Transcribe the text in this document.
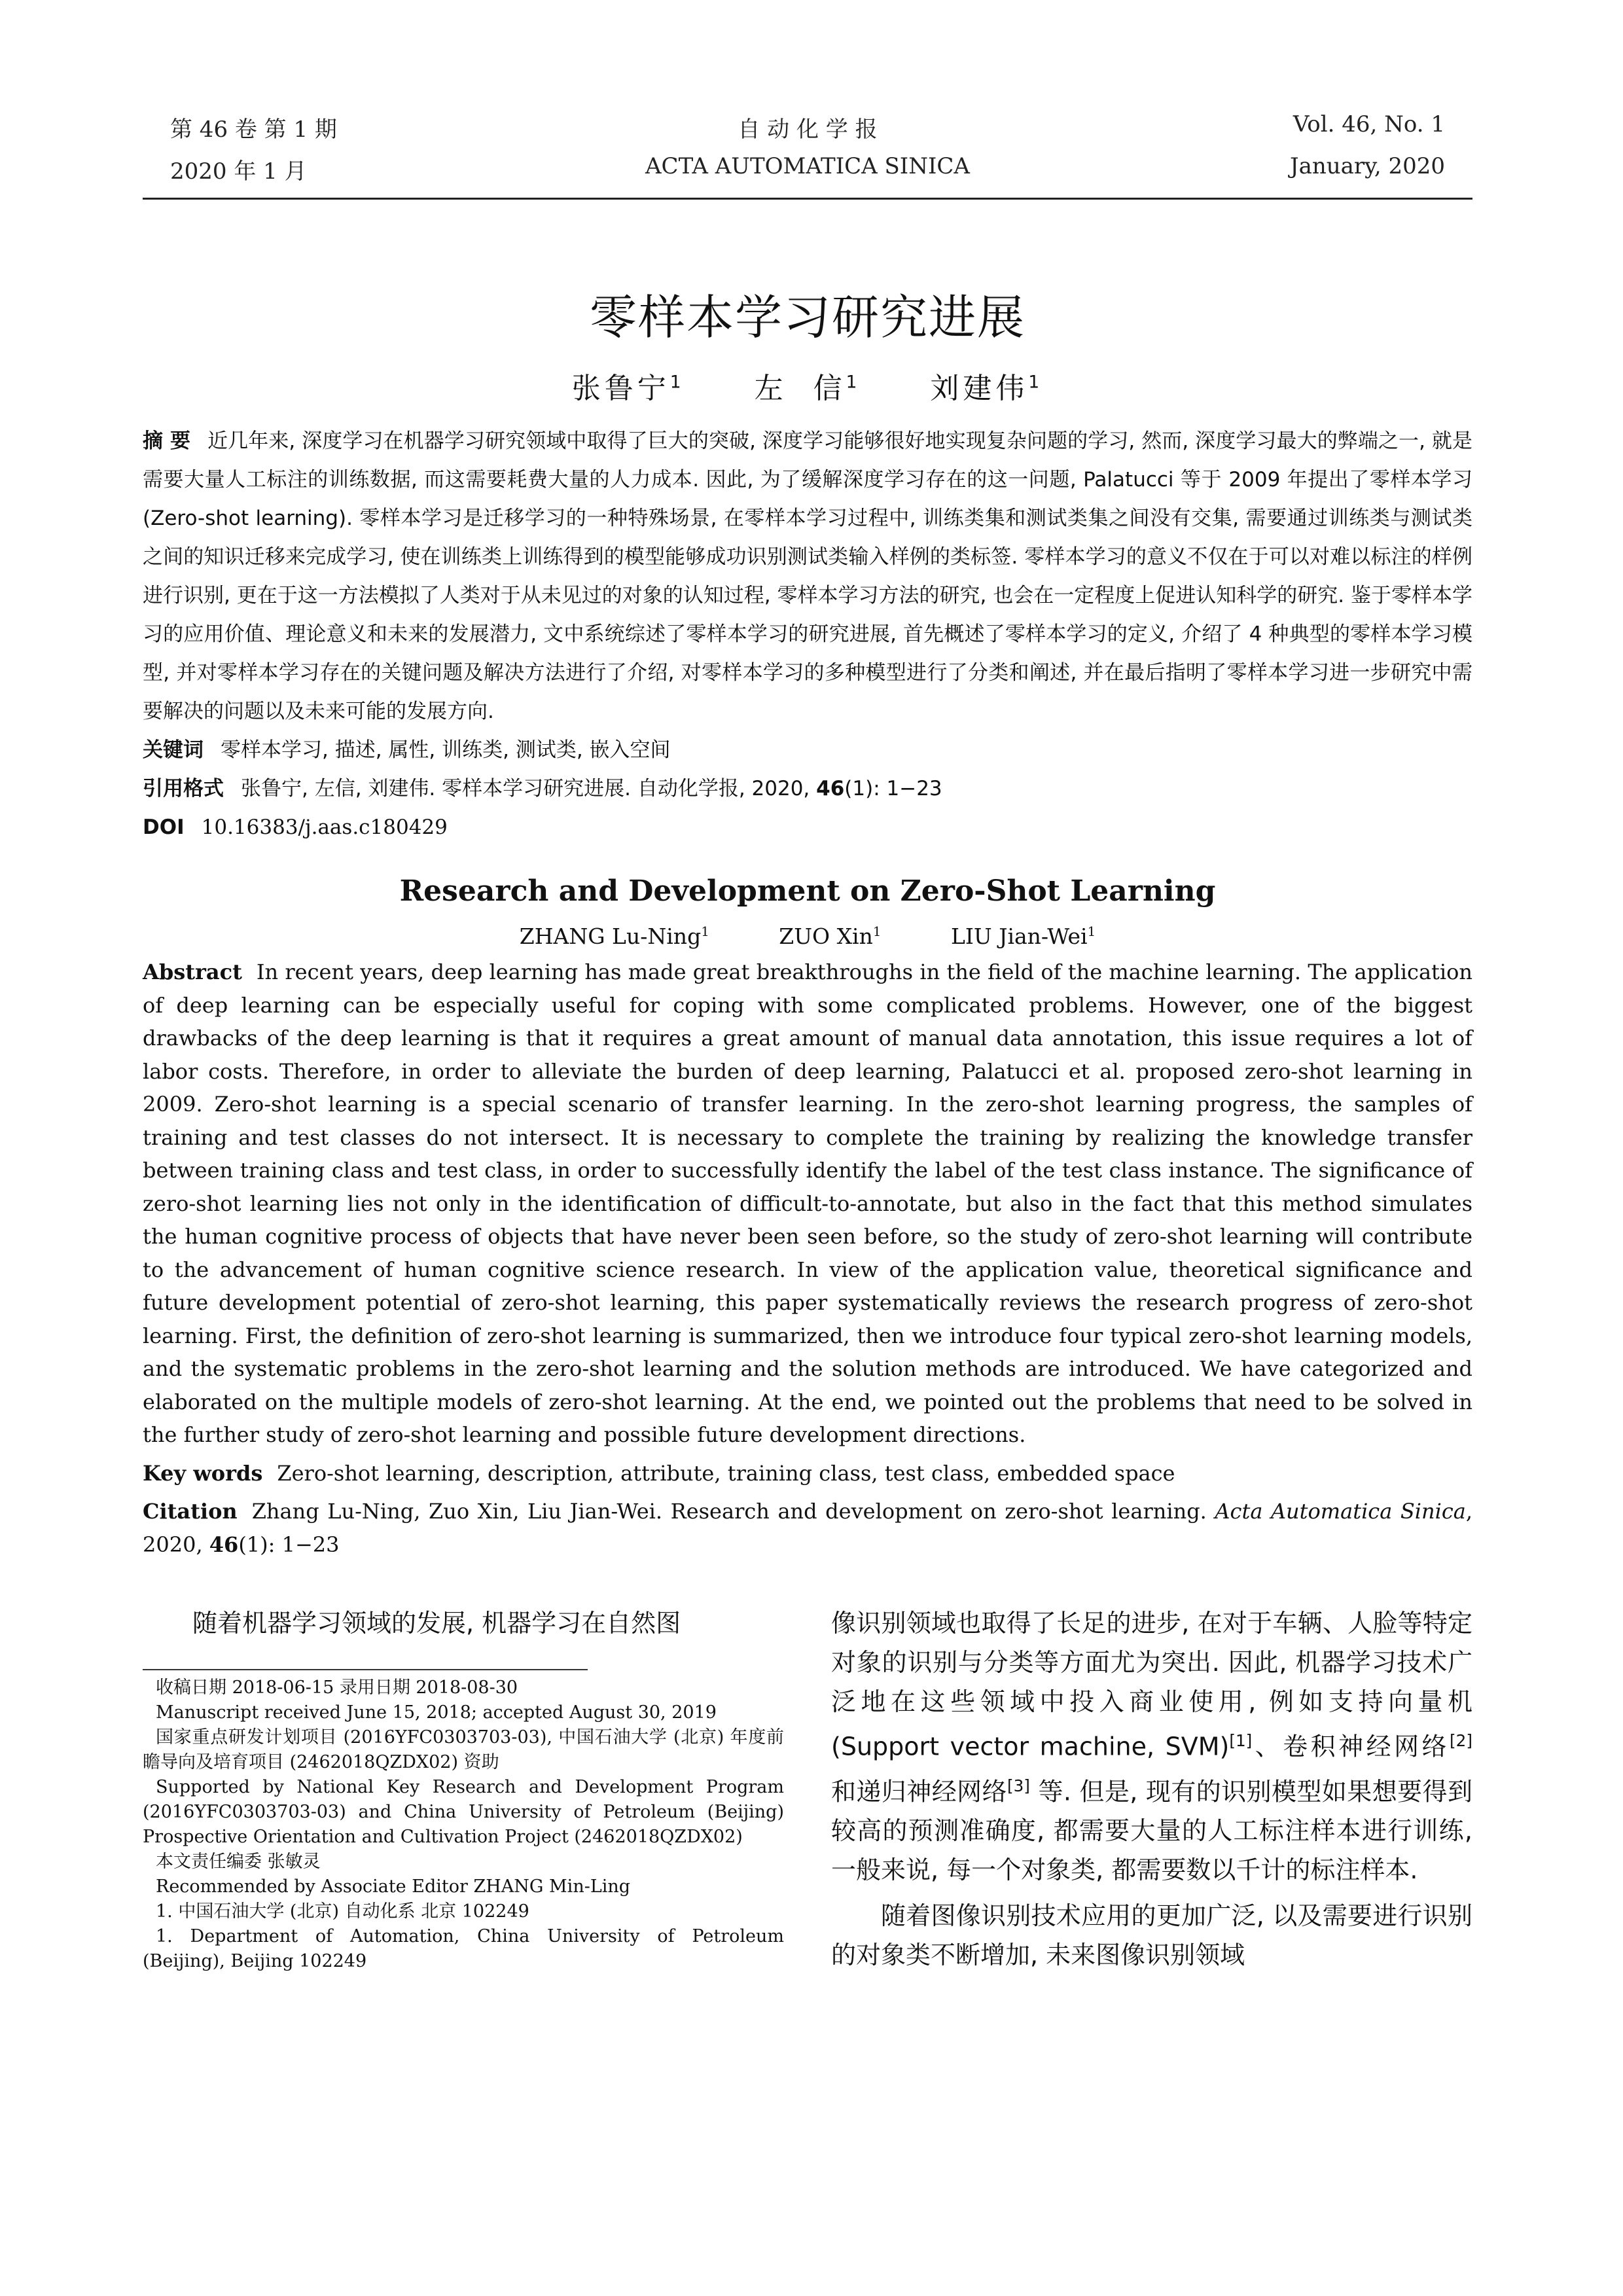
第 46 卷 第 1 期	自 动 化 学 报	Vol. 46, No. 1
2020 年 1 月	ACTA AUTOMATICA SINICA	January, 2020
零样本学习研究进展
张鲁宁$^1$ 左 信$^1$ 刘建伟$^1$
摘 要 近几年来, 深度学习在机器学习研究领域中取得了巨大的突破, 深度学习能够很好地实现复杂问题的学习, 然而, 深度学习最大的弊端之一, 就是需要大量人工标注的训练数据, 而这需要耗费大量的人力成本. 因此, 为了缓解深度学习存在的这一问题, Palatucci 等于 2009 年提出了零样本学习 (Zero-shot learning). 零样本学习是迁移学习的一种特殊场景, 在零样本学习过程中, 训练类集和测试类集之间没有交集, 需要通过训练类与测试类之间的知识迁移来完成学习, 使在训练类上训练得到的模型能够成功识别测试类输入样例的类标签. 零样本学习的意义不仅在于可以对难以标注的样例进行识别, 更在于这一方法模拟了人类对于从未见过的对象的认知过程, 零样本学习方法的研究, 也会在一定程度上促进认知科学的研究. 鉴于零样本学习的应用价值、理论意义和未来的发展潜力, 文中系统综述了零样本学习的研究进展, 首先概述了零样本学习的定义, 介绍了 4 种典型的零样本学习模型, 并对零样本学习存在的关键问题及解决方法进行了介绍, 对零样本学习的多种模型进行了分类和阐述, 并在最后指明了零样本学习进一步研究中需要解决的问题以及未来可能的发展方向.
关键词 零样本学习, 描述, 属性, 训练类, 测试类, 嵌入空间
引用格式 张鲁宁, 左信, 刘建伟. 零样本学习研究进展. 自动化学报, 2020, 46(1): 1−23
DOI 10.16383/j.aas.c180429
Research and Development on Zero-Shot Learning
ZHANG Lu-Ning$^1$	ZUO Xin$^1$	LIU Jian-Wei$^1$
Abstract In recent years, deep learning has made great breakthroughs in the field of the machine learning. The application of deep learning can be especially useful for coping with some complicated problems. However, one of the biggest drawbacks of the deep learning is that it requires a great amount of manual data annotation, this issue requires a lot of labor costs. Therefore, in order to alleviate the burden of deep learning, Palatucci et al. proposed zero-shot learning in 2009. Zero-shot learning is a special scenario of transfer learning. In the zero-shot learning progress, the samples of training and test classes do not intersect. It is necessary to complete the training by realizing the knowledge transfer between training class and test class, in order to successfully identify the label of the test class instance. The significance of zero-shot learning lies not only in the identification of difficult-to-annotate, but also in the fact that this method simulates the human cognitive process of objects that have never been seen before, so the study of zero-shot learning will contribute to the advancement of human cognitive science research. In view of the application value, theoretical significance and future development potential of zero-shot learning, this paper systematically reviews the research progress of zero-shot learning. First, the definition of zero-shot learning is summarized, then we introduce four typical zero-shot learning models, and the systematic problems in the zero-shot learning and the solution methods are introduced. We have categorized and elaborated on the multiple models of zero-shot learning. At the end, we pointed out the problems that need to be solved in the further study of zero-shot learning and possible future development directions.
Key words Zero-shot learning, description, attribute, training class, test class, embedded space
Citation Zhang Lu-Ning, Zuo Xin, Liu Jian-Wei. Research and development on zero-shot learning. Acta Automatica Sinica, 2020, 46(1): 1−23
随着机器学习领域的发展, 机器学习在自然图
收稿日期 2018-06-15 录用日期 2018-08-30
Manuscript received June 15, 2018; accepted August 30, 2019
国家重点研发计划项目 (2016YFC0303703-03), 中国石油大学 (北京) 年度前瞻导向及培育项目 (2462018QZDX02) 资助
Supported by National Key Research and Development Program (2016YFC0303703-03) and China University of Petroleum (Beijing) Prospective Orientation and Cultivation Project (2462018QZDX02)
本文责任编委 张敏灵
Recommended by Associate Editor ZHANG Min-Ling
1. 中国石油大学 (北京) 自动化系 北京 102249
1. Department of Automation, China University of Petroleum (Beijing), Beijing 102249
像识别领域也取得了长足的进步, 在对于车辆、人脸等特定对象的识别与分类等方面尤为突出. 因此, 机器学习技术广泛地在这些领域中投入商业使用, 例如支持向量机 (Support vector machine, SVM)[1]、卷积神经网络[2] 和递归神经网络[3] 等. 但是, 现有的识别模型如果想要得到较高的预测准确度, 都需要大量的人工标注样本进行训练, 一般来说, 每一个对象类, 都需要数以千计的标注样本.
随着图像识别技术应用的更加广泛, 以及需要进行识别的对象类不断增加, 未来图像识别领域
